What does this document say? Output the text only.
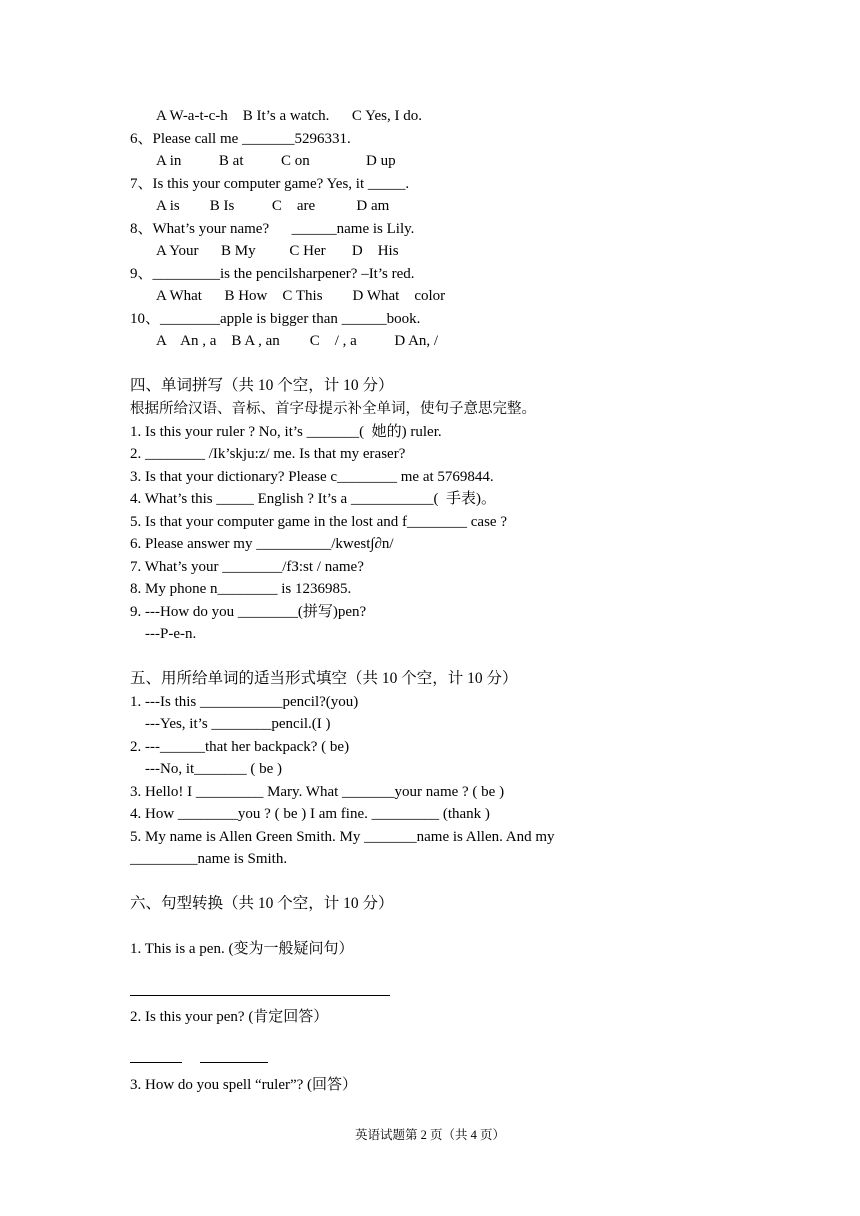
A W-a-t-c-h    B It’s a watch.      C Yes, I do.
6、Please call me _______5296331.
A in          B at          C on               D up
7、Is this your computer game? Yes, it _____.
A is        B Is          C    are           D am
8、What’s your name?      ______name is Lily.
A Your      B My         C Her       D    His
9、_________is the pencilsharpener? –It’s red.
A What      B How    C This        D What    color
10、________apple is bigger than ______book.
A    An , a    B A , an        C    / , a          D An, /
四、单词拼写（共 10 个空，计 10 分）
根据所给汉语、音标、首字母提示补全单词，使句子意思完整。
1. Is this your ruler ? No, it’s _______(  她的) ruler.
2. ________ /Ik’skju:z/ me. Is that my eraser?
3. Is that your dictionary? Please c________ me at 5769844.
4. What’s this _____ English ? It’s a ___________(  手表)。
5. Is that your computer game in the lost and f________ case ?
6. Please answer my __________/kwest∫∂n/
7. What’s your ________/fЗ:st / name?
8. My phone n________ is 1236985.
9. ---How do you ________(拼写)pen?
---P-e-n.
五、用所给单词的适当形式填空（共 10 个空，计 10 分）
1. ---Is this ___________pencil?(you)
---Yes, it’s ________pencil.(I )
2. ---______that her backpack? ( be)
---No, it_______ ( be )
3. Hello! I _________ Mary. What _______your name ? ( be )
4. How ________you ? ( be ) I am fine. _________ (thank )
5. My name is Allen Green Smith. My _______name is Allen. And my
_________name is Smith.
六、句型转换（共 10 个空，计 10 分）
1. This is a pen. (变为一般疑问句）
2. Is this your pen? (肯定回答）
3. How do you spell “ruler”? (回答）
英语试题第 2 页（共 4 页）
